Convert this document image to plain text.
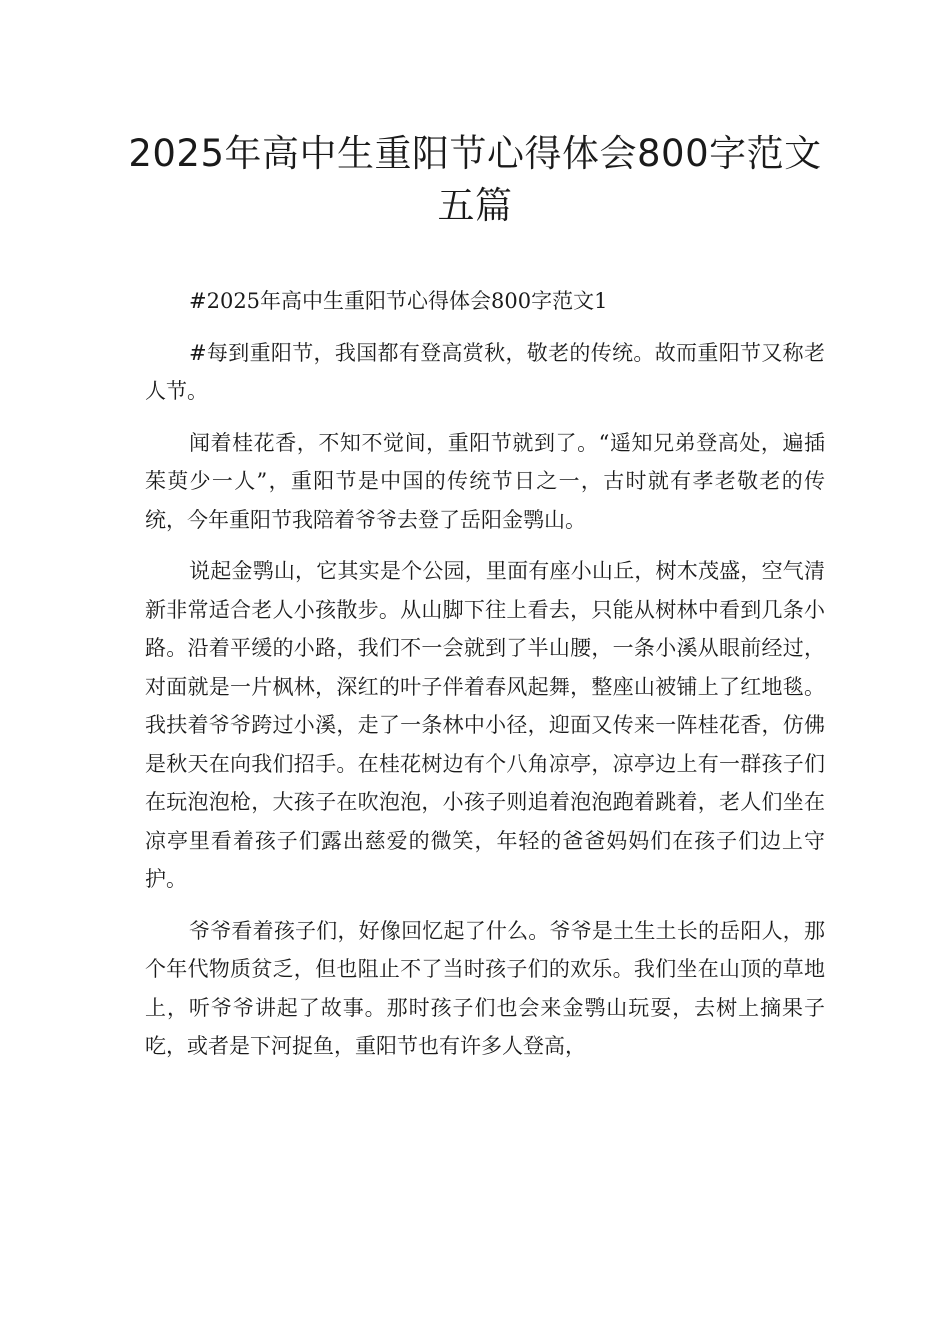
2025年高中生重阳节心得体会800字范文五篇

#2025年高中生重阳节心得体会800字范文1

#每到重阳节，我国都有登高赏秋，敬老的传统。故而重阳节又称老人节。

闻着桂花香，不知不觉间，重阳节就到了。“遥知兄弟登高处，遍插茱萸少一人”，重阳节是中国的传统节日之一，古时就有孝老敬老的传统，今年重阳节我陪着爷爷去登了岳阳金鹗山。

说起金鹗山，它其实是个公园，里面有座小山丘，树木茂盛，空气清新非常适合老人小孩散步。从山脚下往上看去，只能从树林中看到几条小路。沿着平缓的小路，我们不一会就到了半山腰，一条小溪从眼前经过，对面就是一片枫林，深红的叶子伴着春风起舞，整座山被铺上了红地毯。我扶着爷爷跨过小溪，走了一条林中小径，迎面又传来一阵桂花香，仿佛是秋天在向我们招手。在桂花树边有个八角凉亭，凉亭边上有一群孩子们在玩泡泡枪，大孩子在吹泡泡，小孩子则追着泡泡跑着跳着，老人们坐在凉亭里看着孩子们露出慈爱的微笑，年轻的爸爸妈妈们在孩子们边上守护。

爷爷看着孩子们，好像回忆起了什么。爷爷是土生土长的岳阳人，那个年代物质贫乏，但也阻止不了当时孩子们的欢乐。我们坐在山顶的草地上，听爷爷讲起了故事。那时孩子们也会来金鹗山玩耍，去树上摘果子吃，或者是下河捉鱼，重阳节也有许多人登高，
